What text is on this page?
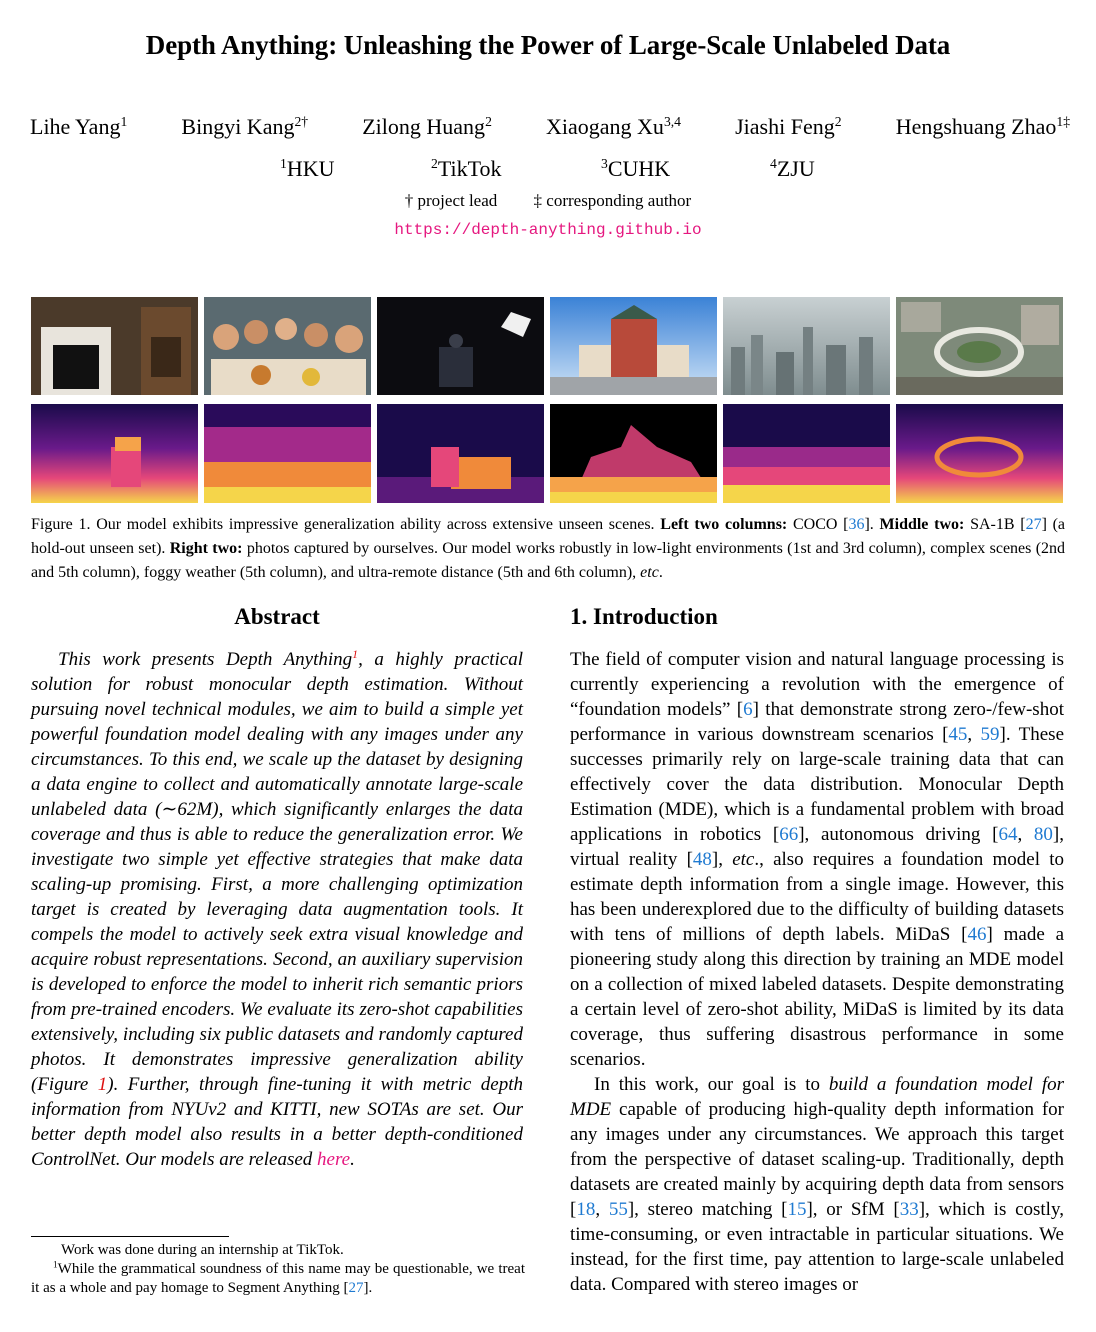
Depth Anything: Unleashing the Power of Large-Scale Unlabeled Data
Lihe Yang$^1$ Bingyi Kang$^{2\dagger}$ Zilong Huang$^2$ Xiaogang Xu$^{3,4}$ Jiashi Feng$^2$ Hengshuang Zhao$^{1\ddagger}$
$^1$HKU	$^2$TikTok	$^3$CUHK	$^4$ZJU
† project lead ‡ corresponding author
https://depth-anything.github.io
Figure 1. Our model exhibits impressive generalization ability across extensive unseen scenes. Left two columns: COCO [36]. Middle two: SA-1B [27] (a hold-out unseen set). Right two: photos captured by ourselves. Our model works robustly in low-light environments (1st and 3rd column), complex scenes (2nd and 5th column), foggy weather (5th column), and ultra-remote distance (5th and 6th column), etc.
Abstract

This work presents Depth Anything$^1$, a highly practical solution for robust monocular depth estimation. Without pursuing novel technical modules, we aim to build a simple yet powerful foundation model dealing with any images under any circumstances. To this end, we scale up the dataset by designing a data engine to collect and automatically annotate large-scale unlabeled data (∼62M), which significantly enlarges the data coverage and thus is able to reduce the generalization error. We investigate two simple yet effective strategies that make data scaling-up promising. First, a more challenging optimization target is created by leveraging data augmentation tools. It compels the model to actively seek extra visual knowledge and acquire robust representations. Second, an auxiliary supervision is developed to enforce the model to inherit rich semantic priors from pre-trained encoders. We evaluate its zero-shot capabilities extensively, including six public datasets and randomly captured photos. It demonstrates impressive generalization ability (Figure 1). Further, through fine-tuning it with metric depth information from NYUv2 and KITTI, new SOTAs are set. Our better depth model also results in a better depth-conditioned ControlNet. Our models are released here.

1. Introduction

The field of computer vision and natural language processing is currently experiencing a revolution with the emergence of “foundation models” [6] that demonstrate strong zero-/few-shot performance in various downstream scenarios [45, 59]. These successes primarily rely on large-scale training data that can effectively cover the data distribution. Monocular Depth Estimation (MDE), which is a fundamental problem with broad applications in robotics [66], autonomous driving [64, 80], virtual reality [48], etc., also requires a foundation model to estimate depth information from a single image. However, this has been underexplored due to the difficulty of building datasets with tens of millions of depth labels. MiDaS [46] made a pioneering study along this direction by training an MDE model on a collection of mixed labeled datasets. Despite demonstrating a certain level of zero-shot ability, MiDaS is limited by its data coverage, thus suffering disastrous performance in some scenarios.

In this work, our goal is to build a foundation model for MDE capable of producing high-quality depth information for any images under any circumstances. We approach this target from the perspective of dataset scaling-up. Traditionally, depth datasets are created mainly by acquiring depth data from sensors [18, 55], stereo matching [15], or SfM [33], which is costly, time-consuming, or even intractable in particular situations. We instead, for the first time, pay attention to large-scale unlabeled data. Compared with stereo images or

Work was done during an internship at TikTok.
$^1$While the grammatical soundness of this name may be questionable, we treat it as a whole and pay homage to Segment Anything [27].
